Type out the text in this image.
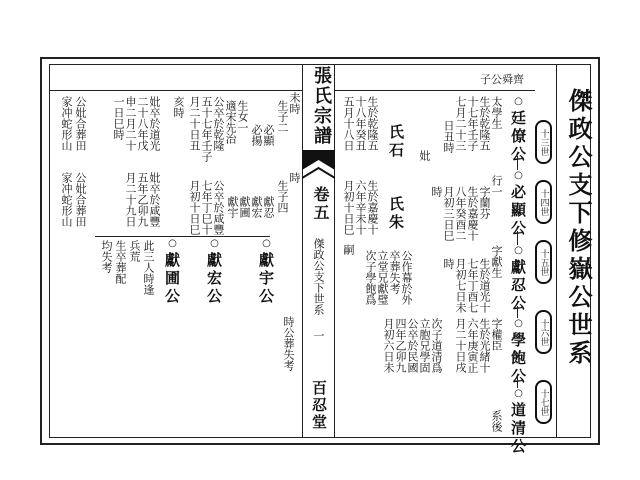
傑政公支下修嶽公世系
十三世
十四世
十五世
十六世
十七世
子公舜齊
○廷僚公
太學生
生於乾隆五
十七年壬子
七月二十三
日丑時
行一	○必顯公
字蘭芬
生於嘉慶十
八年癸酉二
月初三日巳
時
妣
○獻忍公
字獻生
生於道光十
七年丁酉七
月初七日未
時
○學飽公
字權臣
生於光緒十
六年庚寅正
月二十日戌
○道清公
系後
氏石
生於乾隆五
十八年癸丑
五月十八日
氏朱
生於嘉慶十
六年辛未十
月初十日巳
嗣
公作幕於外
卒葬失考
立堂兄獻璧
次子學飽爲
次子道清爲
立胞兄學固
公卒於民國
四年乙卯九
月初六日未
張氏宗譜
卷五
傑政公支下世系
一
百忍堂
未時
生子二
必顯
必揚
時
生子四
獻忍
獻宏
獻圃
獻宇
生女一
適宋先治
公卒於乾隆
五十七年壬子
月二十日丑
公卒於咸豐
七年丁巳十
月初十日巳
妣卒於道光
二十八年戊
申二月二十
一日巳時	亥時
妣卒於咸豐
五年乙卯九
月二十九日
公妣合葬田
家冲蛇形山
公妣合葬田
家冲蛇形山
○獻宇公
時公葬失考
○獻宏公
○獻圃公
此三人時逢
兵荒
生卒葬配
均失考
